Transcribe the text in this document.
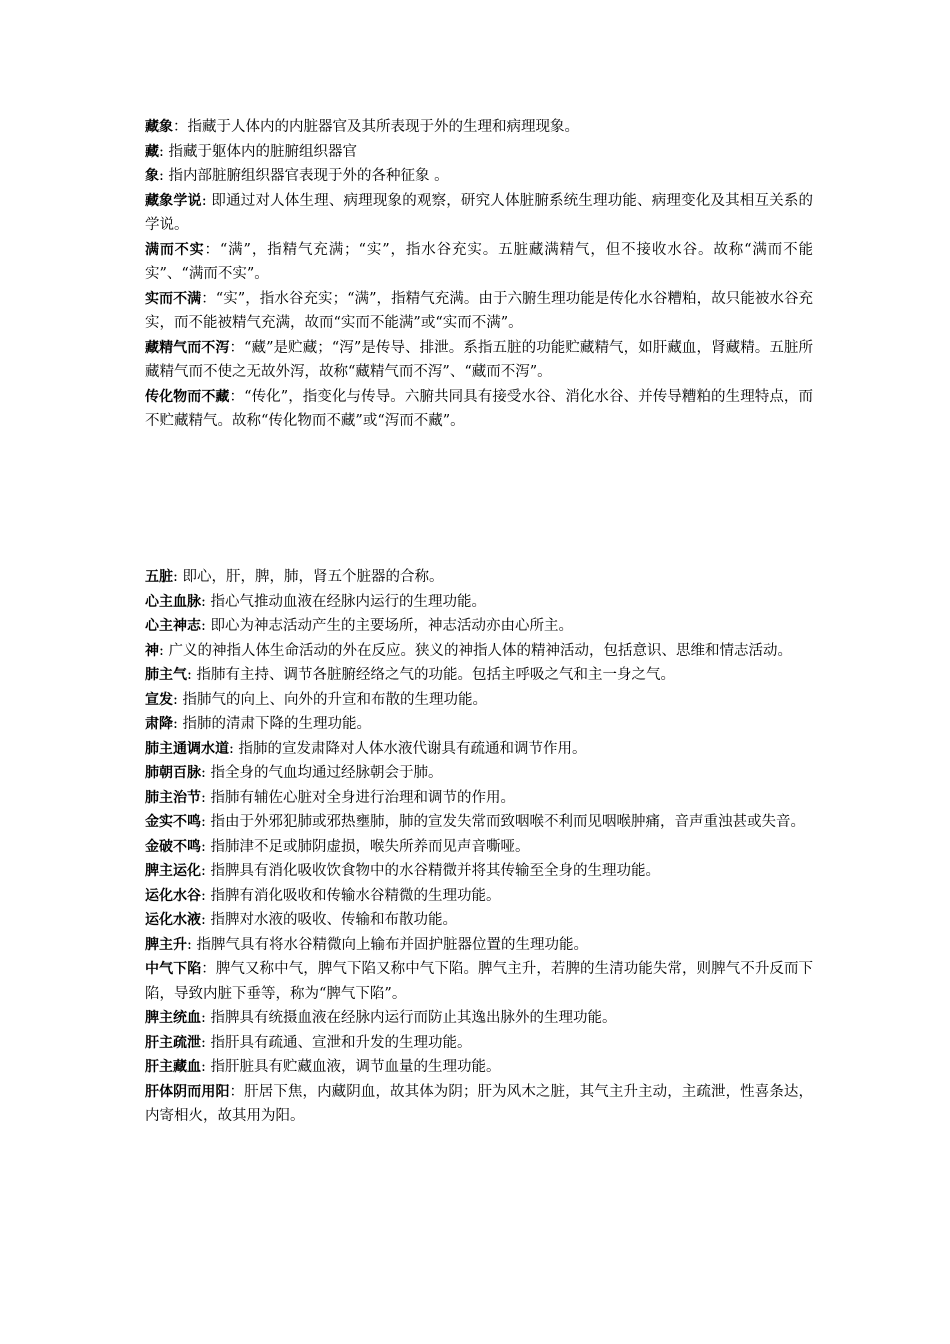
藏象：指藏于人体内的内脏器官及其所表现于外的生理和病理现象。

藏: 指藏于躯体内的脏腑组织器官

象: 指内部脏腑组织器官表现于外的各种征象 。

藏象学说: 即通过对人体生理、病理现象的观察，研究人体脏腑系统生理功能、病理变化及其相互关系的学说。

满而不实：“满”，指精气充满；“实”，指水谷充实。五脏藏满精气，但不接收水谷。故称“满而不能实”、“满而不实”。

实而不满：“实”，指水谷充实；“满”，指精气充满。由于六腑生理功能是传化水谷糟粕，故只能被水谷充实，而不能被精气充满，故而“实而不能满”或“实而不满”。

藏精气而不泻：“藏”是贮藏；“泻”是传导、排泄。系指五脏的功能贮藏精气，如肝藏血，肾藏精。五脏所藏精气而不使之无故外泻，故称“藏精气而不泻”、“藏而不泻”。

传化物而不藏：“传化”，指变化与传导。六腑共同具有接受水谷、消化水谷、并传导糟粕的生理特点，而不贮藏精气。故称“传化物而不藏”或“泻而不藏”。

五脏: 即心，肝，脾，肺，肾五个脏器的合称。

心主血脉: 指心气推动血液在经脉内运行的生理功能。

心主神志: 即心为神志活动产生的主要场所，神志活动亦由心所主。

神: 广义的神指人体生命活动的外在反应。狭义的神指人体的精神活动，包括意识、思维和情志活动。

肺主气: 指肺有主持、调节各脏腑经络之气的功能。包括主呼吸之气和主一身之气。

宣发: 指肺气的向上、向外的升宣和布散的生理功能。

肃降: 指肺的清肃下降的生理功能。

肺主通调水道: 指肺的宣发肃降对人体水液代谢具有疏通和调节作用。

肺朝百脉: 指全身的气血均通过经脉朝会于肺。

肺主治节: 指肺有辅佐心脏对全身进行治理和调节的作用。

金实不鸣: 指由于外邪犯肺或邪热壅肺，肺的宣发失常而致咽喉不利而见咽喉肿痛，音声重浊甚或失音。

金破不鸣: 指肺津不足或肺阴虚损，喉失所养而见声音嘶哑。

脾主运化: 指脾具有消化吸收饮食物中的水谷精微并将其传输至全身的生理功能。

运化水谷: 指脾有消化吸收和传输水谷精微的生理功能。

运化水液: 指脾对水液的吸收、传输和布散功能。

脾主升: 指脾气具有将水谷精微向上输布并固护脏器位置的生理功能。

中气下陷：脾气又称中气，脾气下陷又称中气下陷。脾气主升，若脾的生清功能失常，则脾气不升反而下陷，导致内脏下垂等，称为“脾气下陷”。

脾主统血: 指脾具有统摄血液在经脉内运行而防止其逸出脉外的生理功能。

肝主疏泄: 指肝具有疏通、宣泄和升发的生理功能。

肝主藏血: 指肝脏具有贮藏血液，调节血量的生理功能。

肝体阴而用阳：肝居下焦，内藏阴血，故其体为阴；肝为风木之脏，其气主升主动，主疏泄，性喜条达，内寄相火，故其用为阳。
